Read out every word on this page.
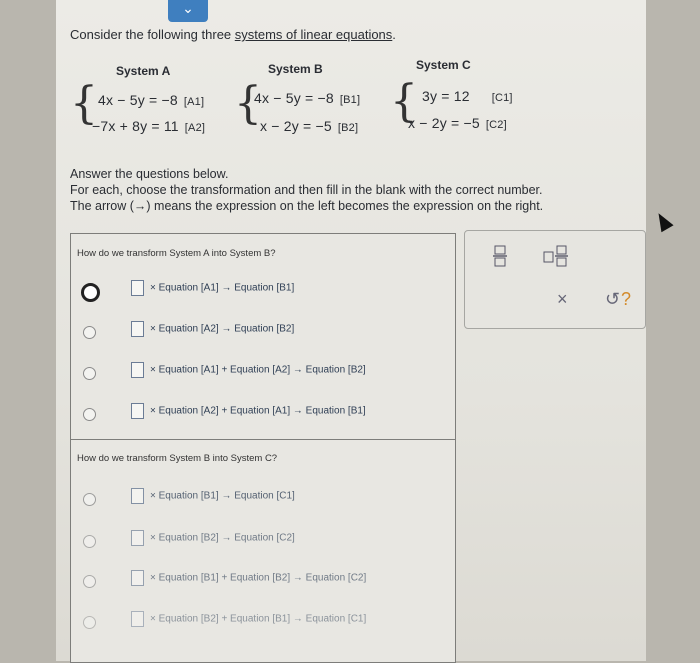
⌄
Consider the following three systems of linear equations.
System A
{ 4x − 5y = −8 [A1]
−7x + 8y = 11 [A2]
System B
{
4x − 5y = −8 [B1]
x − 2y = −5 [B2]
System C
{ 3y = 12 [C1]
x − 2y = −5 [C2]
Answer the questions below.
For each, choose the transformation and then fill in the blank with the correct number.
The arrow (→) means the expression on the left becomes the expression on the right.
How do we transform System A into System B?
× Equation [A1] → Equation [B1]
× Equation [A2] → Equation [B2]
× Equation [A1] + Equation [A2] → Equation [B2]
× Equation [A2] + Equation [A1] → Equation [B1]
How do we transform System B into System C?
× Equation [B1] → Equation [C1]
× Equation [B2] → Equation [C2]
× Equation [B1] + Equation [B2] → Equation [C2]
× Equation [B2] + Equation [B1] → Equation [C1]
× ↺ ?
